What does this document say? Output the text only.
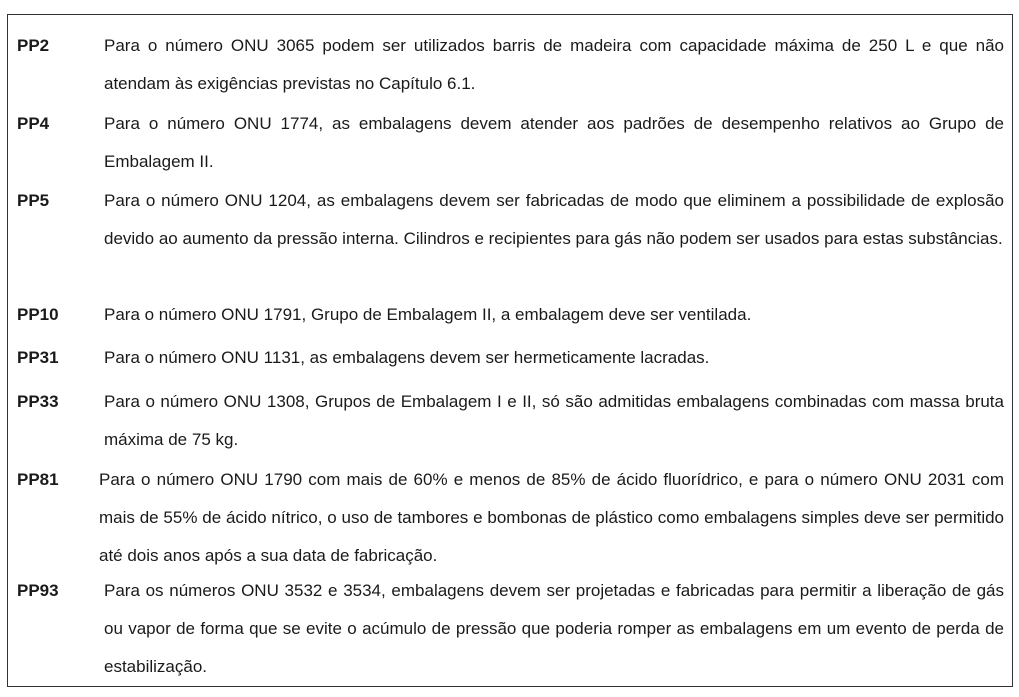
PP2	Para o número ONU 3065 podem ser utilizados barris de madeira com capacidade máxima de 250 L e que não atendam às exigências previstas no Capítulo 6.1.
PP4	Para o número ONU 1774, as embalagens devem atender aos padrões de desempenho relativos ao Grupo de Embalagem II.
PP5	Para o número ONU 1204, as embalagens devem ser fabricadas de modo que eliminem a possibilidade de explosão devido ao aumento da pressão interna. Cilindros e recipientes para gás não podem ser usados para estas substâncias.
PP10	Para o número ONU 1791, Grupo de Embalagem II, a embalagem deve ser ventilada.
PP31	Para o número ONU 1131, as embalagens devem ser hermeticamente lacradas.
PP33	Para o número ONU 1308, Grupos de Embalagem I e II, só são admitidas embalagens combinadas com massa bruta máxima de 75 kg.
PP81 Para o número ONU 1790 com mais de 60% e menos de 85% de ácido fluorídrico, e para o número ONU 2031 com mais de 55% de ácido nítrico, o uso de tambores e bombonas de plástico como embalagens simples deve ser permitido até dois anos após a sua data de fabricação.
PP93	Para os números ONU 3532 e 3534, embalagens devem ser projetadas e fabricadas para permitir a liberação de gás ou vapor de forma que se evite o acúmulo de pressão que poderia romper as embalagens em um evento de perda de estabilização.
